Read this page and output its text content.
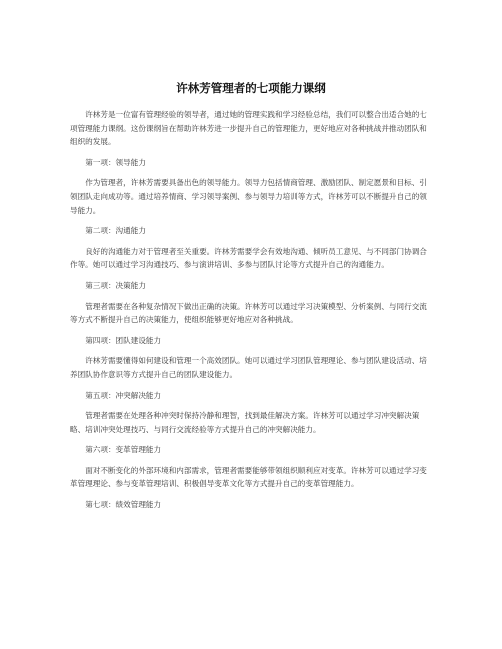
许林芳管理者的七项能力课纲

许林芳是一位富有管理经验的领导者，通过她的管理实践和学习经验总结，我们可以整合出适合她的七项管理能力课纲。这份课纲旨在帮助许林芳进一步提升自己的管理能力，更好地应对各种挑战并推动团队和组织的发展。

第一项：领导能力

作为管理者，许林芳需要具备出色的领导能力。领导力包括情商管理、激励团队、制定愿景和目标、引领团队走向成功等。通过培养情商、学习领导案例、参与领导力培训等方式，许林芳可以不断提升自己的领导能力。

第二项：沟通能力

良好的沟通能力对于管理者至关重要。许林芳需要学会有效地沟通、倾听员工意见、与不同部门协调合作等。她可以通过学习沟通技巧、参与演讲培训、多参与团队讨论等方式提升自己的沟通能力。

第三项：决策能力

管理者需要在各种复杂情况下做出正确的决策。许林芳可以通过学习决策模型、分析案例、与同行交流等方式不断提升自己的决策能力，使组织能够更好地应对各种挑战。

第四项：团队建设能力

许林芳需要懂得如何建设和管理一个高效团队。她可以通过学习团队管理理论、参与团队建设活动、培养团队协作意识等方式提升自己的团队建设能力。

第五项：冲突解决能力

管理者需要在处理各种冲突时保持冷静和理智，找到最佳解决方案。许林芳可以通过学习冲突解决策略、培训冲突处理技巧、与同行交流经验等方式提升自己的冲突解决能力。

第六项：变革管理能力

面对不断变化的外部环境和内部需求，管理者需要能够带领组织顺利应对变革。许林芳可以通过学习变革管理理论、参与变革管理培训、积极倡导变革文化等方式提升自己的变革管理能力。

第七项：绩效管理能力
